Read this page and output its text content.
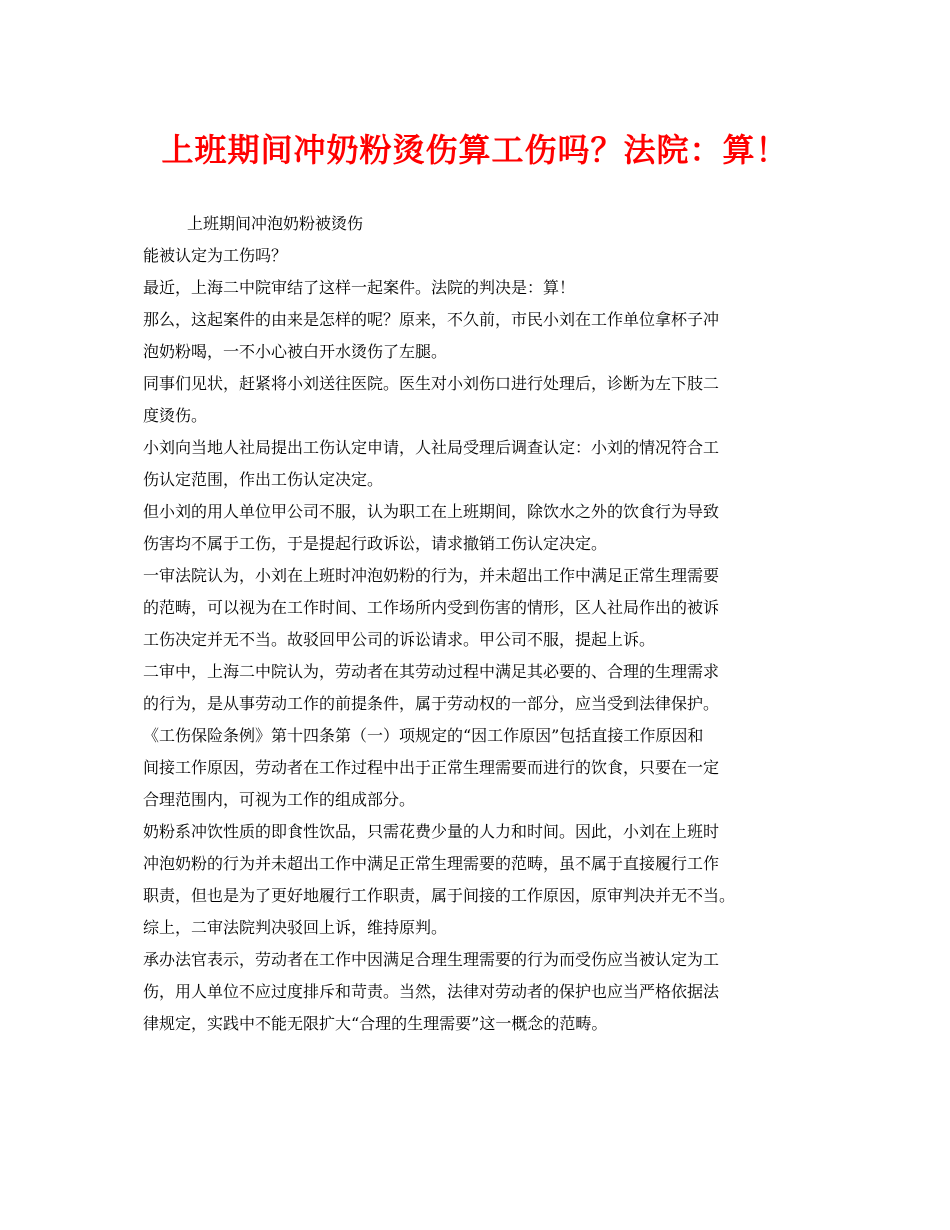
上班期间冲奶粉烫伤算工伤吗？法院：算！
上班期间冲泡奶粉被烫伤
能被认定为工伤吗？
最近，上海二中院审结了这样一起案件。法院的判决是：算！
那么，这起案件的由来是怎样的呢？原来，不久前，市民小刘在工作单位拿杯子冲
泡奶粉喝，一不小心被白开水烫伤了左腿。
同事们见状，赶紧将小刘送往医院。医生对小刘伤口进行处理后，诊断为左下肢二
度烫伤。
小刘向当地人社局提出工伤认定申请，人社局受理后调查认定：小刘的情况符合工
伤认定范围，作出工伤认定决定。
但小刘的用人单位甲公司不服，认为职工在上班期间，除饮水之外的饮食行为导致
伤害均不属于工伤，于是提起行政诉讼，请求撤销工伤认定决定。
一审法院认为，小刘在上班时冲泡奶粉的行为，并未超出工作中满足正常生理需要
的范畴，可以视为在工作时间、工作场所内受到伤害的情形，区人社局作出的被诉
工伤决定并无不当。故驳回甲公司的诉讼请求。甲公司不服，提起上诉。
二审中，上海二中院认为，劳动者在其劳动过程中满足其必要的、合理的生理需求
的行为，是从事劳动工作的前提条件，属于劳动权的一部分，应当受到法律保护。
《工伤保险条例》第十四条第（一）项规定的“因工作原因”包括直接工作原因和
间接工作原因，劳动者在工作过程中出于正常生理需要而进行的饮食，只要在一定
合理范围内，可视为工作的组成部分。
奶粉系冲饮性质的即食性饮品，只需花费少量的人力和时间。因此，小刘在上班时
冲泡奶粉的行为并未超出工作中满足正常生理需要的范畴，虽不属于直接履行工作
职责，但也是为了更好地履行工作职责，属于间接的工作原因，原审判决并无不当。
综上，二审法院判决驳回上诉，维持原判。
承办法官表示，劳动者在工作中因满足合理生理需要的行为而受伤应当被认定为工
伤，用人单位不应过度排斥和苛责。当然，法律对劳动者的保护也应当严格依据法
律规定，实践中不能无限扩大“合理的生理需要”这一概念的范畴。
